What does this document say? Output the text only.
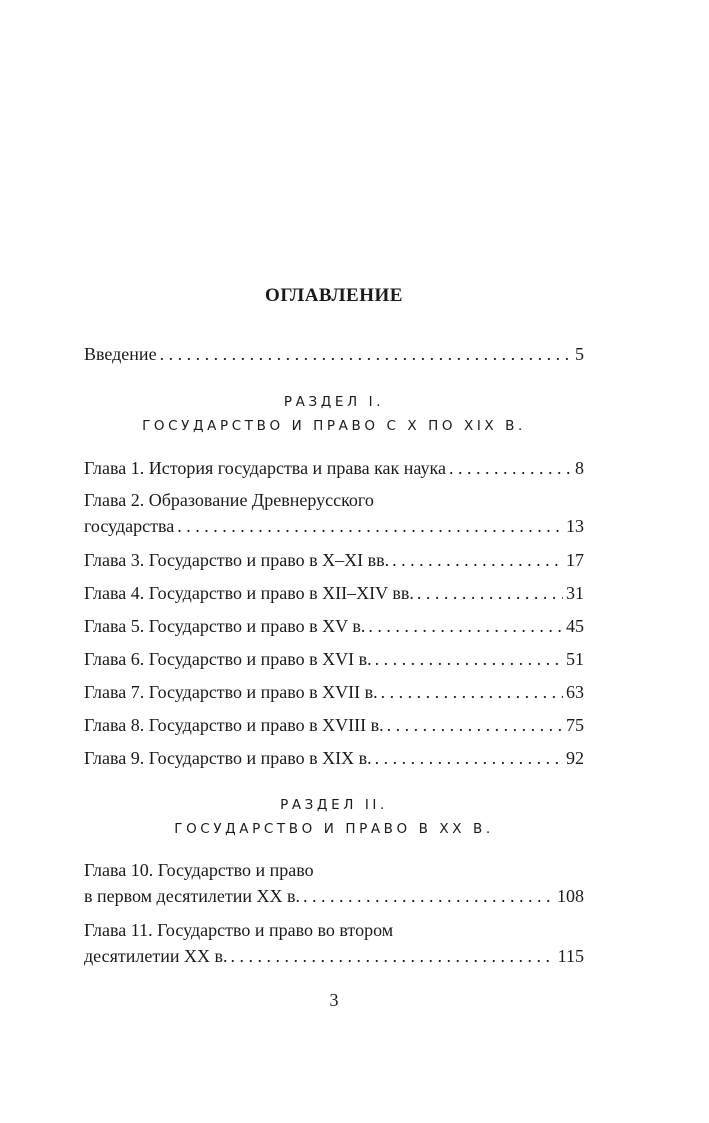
ОГЛАВЛЕНИЕ
Введение . . .	5
РАЗДЕЛ I.
ГОСУДАРСТВО И ПРАВО С X ПО XIX В.
Глава 1. История государства и права как наука . . .	8
Глава 2. Образование Древнерусского
государства . . .	13
Глава 3. Государство и право в X–XI вв. . . .	17
Глава 4. Государство и право в XII–XIV вв. . . .	31
Глава 5. Государство и право в XV в. . . .	45
Глава 6. Государство и право в XVI в. . . .	51
Глава 7. Государство и право в XVII в. . . .	63
Глава 8. Государство и право в XVIII в. . . .	75
Глава 9. Государство и право в XIX в. . . .	92
РАЗДЕЛ II.
ГОСУДАРСТВО И ПРАВО В XX В.
Глава 10. Государство и право
в первом десятилетии XX в. . . .	108
Глава 11. Государство и право во втором
десятилетии XX в. . . .	115
3
